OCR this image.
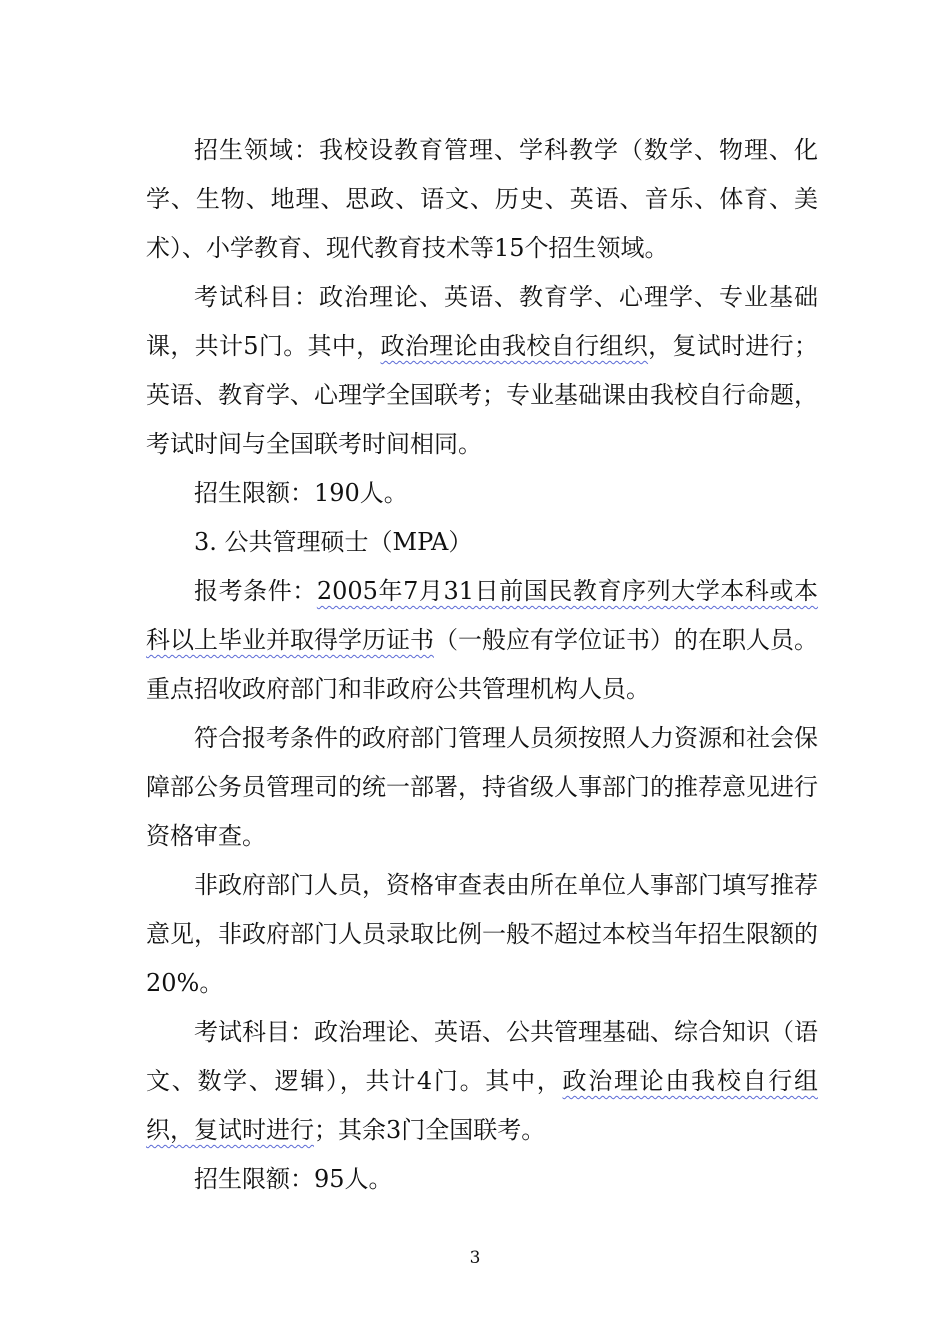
招生领域：我校设教育管理、学科教学（数学、物理、化学、生物、地理、思政、语文、历史、英语、音乐、体育、美术）、小学教育、现代教育技术等15个招生领域。

考试科目：政治理论、英语、教育学、心理学、专业基础课，共计5门。其中，政治理论由我校自行组织，复试时进行；英语、教育学、心理学全国联考；专业基础课由我校自行命题，考试时间与全国联考时间相同。

招生限额：190人。

3. 公共管理硕士（MPA）

报考条件：2005年7月31日前国民教育序列大学本科或本科以上毕业并取得学历证书（一般应有学位证书）的在职人员。重点招收政府部门和非政府公共管理机构人员。

符合报考条件的政府部门管理人员须按照人力资源和社会保障部公务员管理司的统一部署，持省级人事部门的推荐意见进行资格审查。

非政府部门人员，资格审查表由所在单位人事部门填写推荐意见，非政府部门人员录取比例一般不超过本校当年招生限额的20%。

考试科目：政治理论、英语、公共管理基础、综合知识（语文、数学、逻辑），共计4门。其中，政治理论由我校自行组织，复试时进行；其余3门全国联考。

招生限额：95人。

3
